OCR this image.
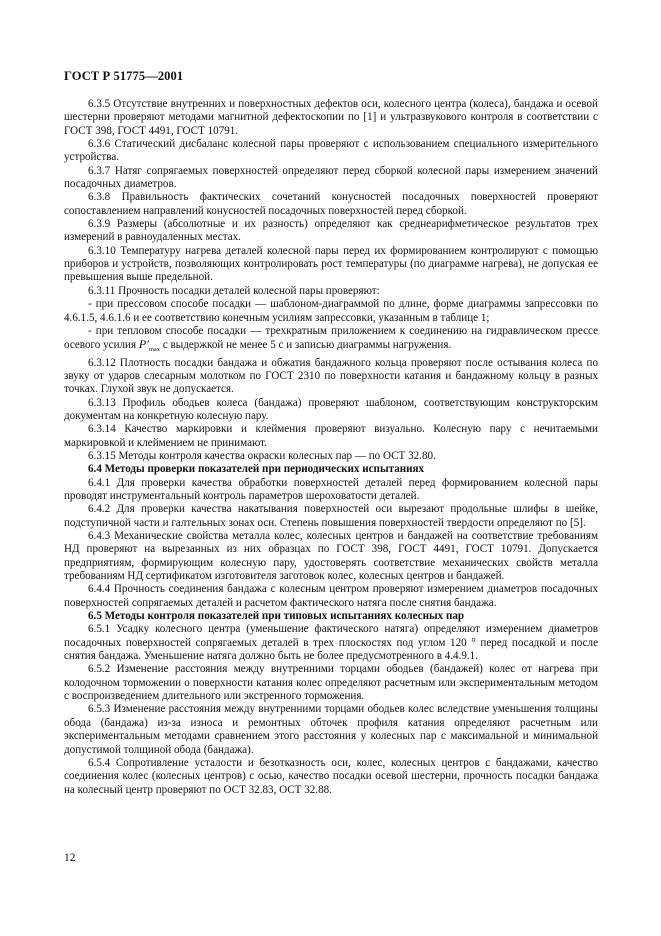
ГОСТ Р 51775—2001

6.3.5 Отсутствие внутренних и поверхностных дефектов оси, колесного центра (колеса), бандажа и осевой шестерни проверяют методами магнитной дефектоскопии по [1] и ультразвукового контроля в соответствии с ГОСТ 398, ГОСТ 4491, ГОСТ 10791.

6.3.6 Статический дисбаланс колесной пары проверяют с использованием специального измерительного устройства.

6.3.7 Натяг сопрягаемых поверхностей определяют перед сборкой колесной пары измерением значений посадочных диаметров.

6.3.8 Правильность фактических сочетаний конусностей посадочных поверхностей проверяют сопоставлением направлений конусностей посадочных поверхностей перед сборкой.

6.3.9 Размеры (абсолютные и их разность) определяют как среднеарифметическое результатов трех измерений в равноудаленных местах.

6.3.10 Температуру нагрева деталей колесной пары перед их формированием контролируют с помощью приборов и устройств, позволяющих контролировать рост температуры (по диаграмме нагрева), не допуская ее превышения выше предельной.

6.3.11 Прочность посадки деталей колесной пары проверяют:

- при прессовом способе посадки — шаблоном-диаграммой по длине, форме диаграммы запрессовки по 4.6.1.5, 4.6.1.6 и ее соответствию конечным усилиям запрессовки, указанным в таблице 1;

- при тепловом способе посадки — трехкратным приложением к соединению на гидравлическом прессе осевого усилия $P'_{max}$ с выдержкой не менее 5 с и записью диаграммы нагружения.

6.3.12 Плотность посадки бандажа и обжатия бандажного кольца проверяют после остывания колеса по звуку от ударов слесарным молотком по ГОСТ 2310 по поверхности катания и бандажному кольцу в разных точках. Глухой звук не допускается.

6.3.13 Профиль ободьев колеса (бандажа) проверяют шаблоном, соответствующим конструкторским документам на конкретную колесную пару.

6.3.14 Качество маркировки и клеймения проверяют визуально. Колесную пару с нечитаемыми маркировкой и клеймением не принимают.

6.3.15 Методы контроля качества окраски колесных пар — по ОСТ 32.80.

6.4 Методы проверки показателей при периодических испытаниях

6.4.1 Для проверки качества обработки поверхностей деталей перед формированием колесной пары проводят инструментальный контроль параметров шероховатости деталей.

6.4.2 Для проверки качества накатывания поверхностей оси вырезают продольные шлифы в шейке, подступичной части и галтельных зонах оси. Степень повышения поверхностей твердости определяют по [5].

6.4.3 Механические свойства металла колес, колесных центров и бандажей на соответствие требованиям НД проверяют на вырезанных из них образцах по ГОСТ 398, ГОСТ 4491, ГОСТ 10791. Допускается предприятиям, формирующим колесную пару, удостоверять соответствие механических свойств металла требованиям НД сертификатом изготовителя заготовок колес, колесных центров и бандажей.

6.4.4 Прочность соединения бандажа с колесным центром проверяют измерением диаметров посадочных поверхностей сопрягаемых деталей и расчетом фактического натяга после снятия бандажа.

6.5 Методы контроля показателей при типовых испытаниях колесных пар

6.5.1 Усадку колесного центра (уменьшение фактического натяга) определяют измерением диаметров посадочных поверхностей сопрягаемых деталей в трех плоскостях под углом 120 ° перед посадкой и после снятия бандажа. Уменьшение натяга должно быть не более предусмотренного в 4.4.9.1.

6.5.2 Изменение расстояния между внутренними торцами ободьев (бандажей) колес от нагрева при колодочном торможении о поверхности катания колес определяют расчетным или экспериментальным методом с воспроизведением длительного или экстренного торможения.

6.5.3 Изменение расстояния между внутренними торцами ободьев колес вследствие уменьшения толщины обода (бандажа) из-за износа и ремонтных обточек профиля катания определяют расчетным или экспериментальным методами сравнением этого расстояния у колесных пар с максимальной и минимальной допустимой толщиной обода (бандажа).

6.5.4 Сопротивление усталости и безотказность оси, колес, колесных центров с бандажами, качество соединения колес (колесных центров) с осью, качество посадки осевой шестерни, прочность посадки бандажа на колесный центр проверяют по ОСТ 32.83, ОСТ 32.88.

12
